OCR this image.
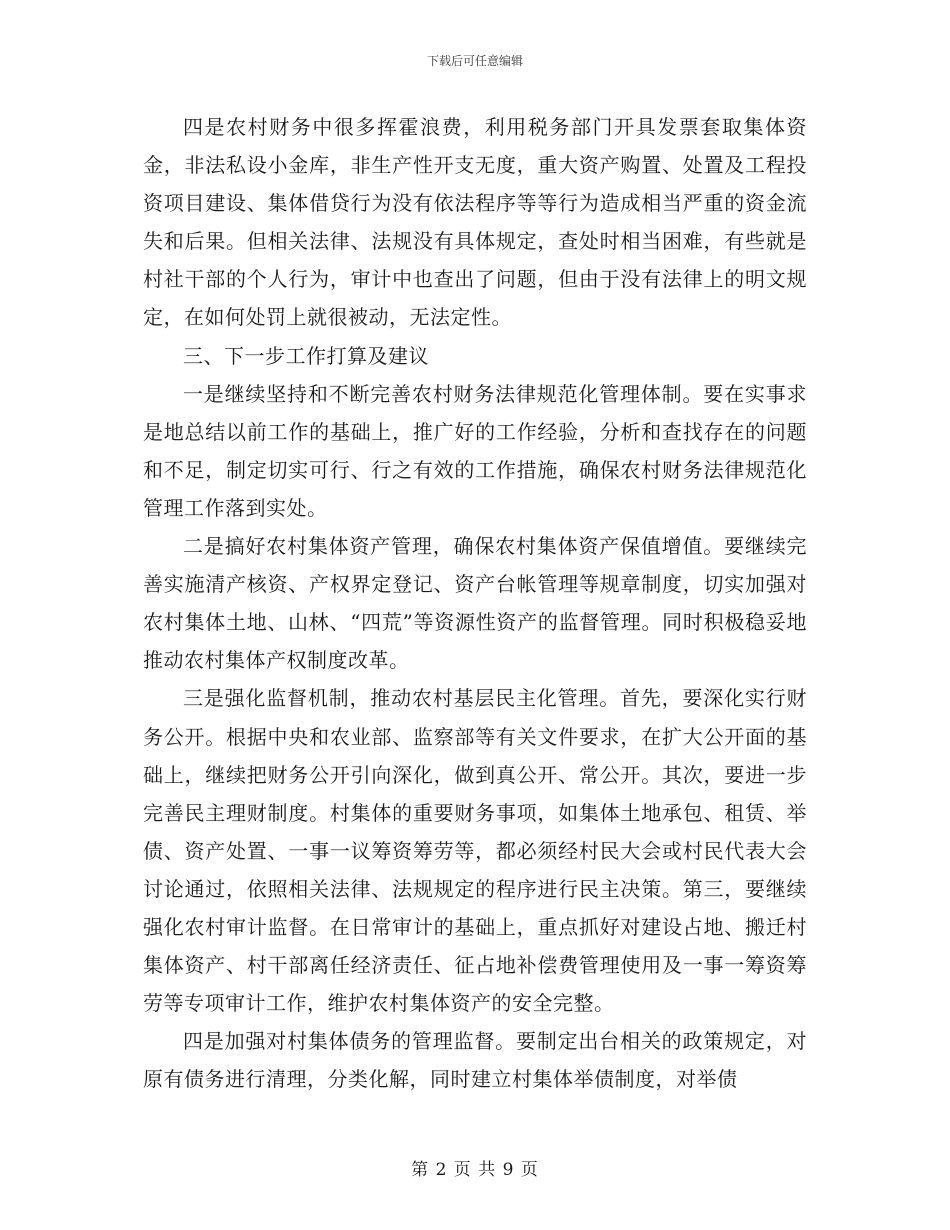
下载后可任意编辑

四是农村财务中很多挥霍浪费，利用税务部门开具发票套取集体资金，非法私设小金库，非生产性开支无度，重大资产购置、处置及工程投资项目建设、集体借贷行为没有依法程序等等行为造成相当严重的资金流失和后果。但相关法律、法规没有具体规定，查处时相当困难，有些就是村社干部的个人行为，审计中也查出了问题，但由于没有法律上的明文规定，在如何处罚上就很被动，无法定性。

三、下一步工作打算及建议

一是继续坚持和不断完善农村财务法律规范化管理体制。要在实事求是地总结以前工作的基础上，推广好的工作经验，分析和查找存在的问题和不足，制定切实可行、行之有效的工作措施，确保农村财务法律规范化管理工作落到实处。

二是搞好农村集体资产管理，确保农村集体资产保值增值。要继续完善实施清产核资、产权界定登记、资产台帐管理等规章制度，切实加强对农村集体土地、山林、“四荒”等资源性资产的监督管理。同时积极稳妥地推动农村集体产权制度改革。

三是强化监督机制，推动农村基层民主化管理。首先，要深化实行财务公开。根据中央和农业部、监察部等有关文件要求，在扩大公开面的基础上，继续把财务公开引向深化，做到真公开、常公开。其次，要进一步完善民主理财制度。村集体的重要财务事项，如集体土地承包、租赁、举债、资产处置、一事一议筹资筹劳等，都必须经村民大会或村民代表大会讨论通过，依照相关法律、法规规定的程序进行民主决策。第三，要继续强化农村审计监督。在日常审计的基础上，重点抓好对建设占地、搬迁村集体资产、村干部离任经济责任、征占地补偿费管理使用及一事一筹资筹劳等专项审计工作，维护农村集体资产的安全完整。

四是加强对村集体债务的管理监督。要制定出台相关的政策规定，对原有债务进行清理，分类化解，同时建立村集体举债制度，对举债

第 2 页 共 9 页
